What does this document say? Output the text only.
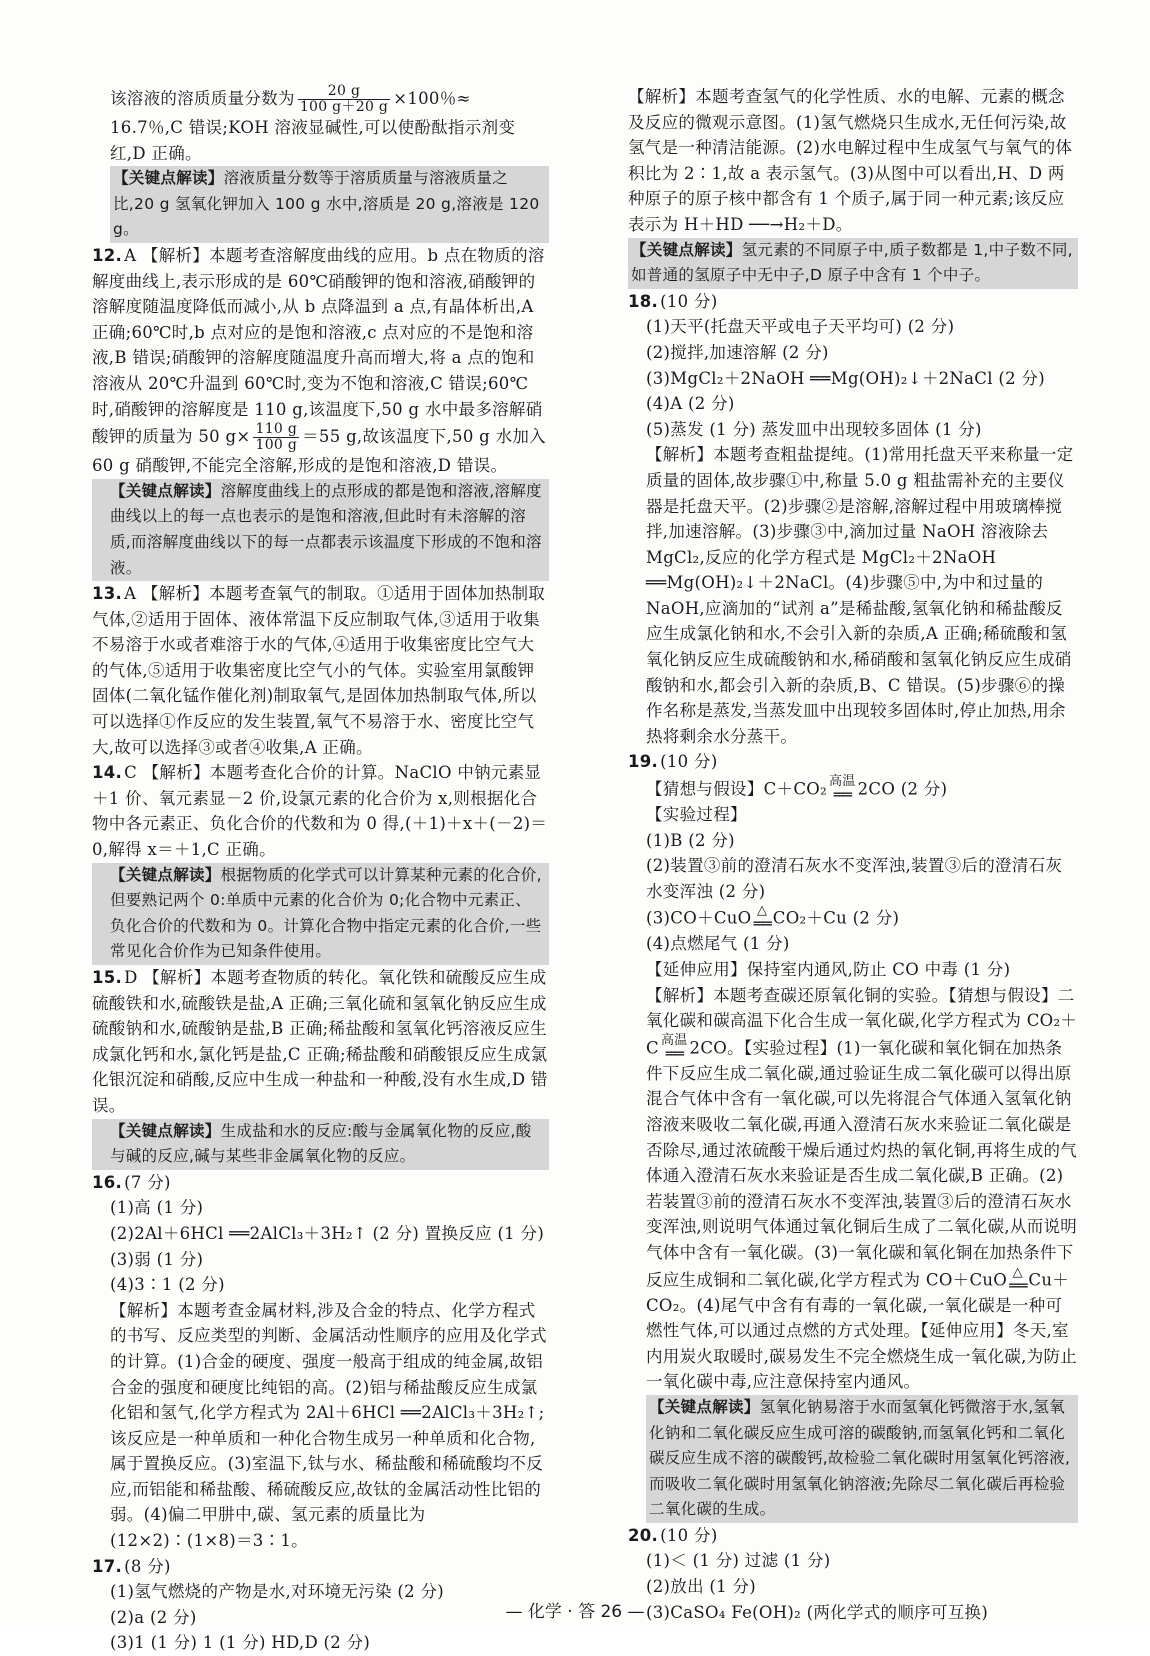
该溶液的溶质质量分数为 $\frac{20 g}{100 g+20 g} \times 100$％≈

16.7％,C 错误;KOH 溶液显碱性,可以使酚酞指示剂变红,D 正确。

【关键点解读】溶液质量分数等于溶质质量与溶液质量之比,20 g 氢氧化钾加入 100 g 水中,溶质是 20 g,溶液是 120 g。

12. A 【解析】本题考查溶解度曲线的应用。b 点在物质的溶解度曲线上,表示形成的是 60℃硝酸钾的饱和溶液,硝酸钾的溶解度随温度降低而减小,从 b 点降温到 a 点,有晶体析出,A 正确;60℃时,b 点对应的是饱和溶液,c 点对应的不是饱和溶液,B 错误;硝酸钾的溶解度随温度升高而增大,将 a 点的饱和溶液从 20℃升温到 60℃时,变为不饱和溶液,C 错误;60℃时,硝酸钾的溶解度是 110 g,该温度下,50 g 水中最多溶解硝酸钾的质量为 50 $g\times \frac{110 g}{100 g} =55$ g,故该温度下,50 g 水加入 60 g 硝酸钾,不能完全溶解,形成的是饱和溶液,D 错误。

【关键点解读】溶解度曲线上的点形成的都是饱和溶液,溶解度曲线以上的每一点也表示的是饱和溶液,但此时有未溶解的溶质,而溶解度曲线以下的每一点都表示该温度下形成的不饱和溶液。

13. A 【解析】本题考查氧气的制取。①适用于固体加热制取气体,②适用于固体、液体常温下反应制取气体,③适用于收集不易溶于水或者难溶于水的气体,④适用于收集密度比空气大的气体,⑤适用于收集密度比空气小的气体。实验室用氯酸钾固体(二氧化锰作催化剂)制取氧气,是固体加热制取气体,所以可以选择①作反应的发生装置,氧气不易溶于水、密度比空气大,故可以选择③或者④收集,A 正确。

14. C 【解析】本题考查化合价的计算。NaClO 中钠元素显＋1 价、氧元素显－2 价,设氯元素的化合价为 x,则根据化合物中各元素正、负化合价的代数和为 0 得,(＋1)＋x＋(－2)＝0,解得 x＝＋1,C 正确。

【关键点解读】根据物质的化学式可以计算某种元素的化合价,但要熟记两个 0:单质中元素的化合价为 0;化合物中元素正、负化合价的代数和为 0。计算化合物中指定元素的化合价,一些常见化合价作为已知条件使用。

15. D 【解析】本题考查物质的转化。氧化铁和硫酸反应生成硫酸铁和水,硫酸铁是盐,A 正确;三氧化硫和氢氧化钠反应生成硫酸钠和水,硫酸钠是盐,B 正确;稀盐酸和氢氧化钙溶液反应生成氯化钙和水,氯化钙是盐,C 正确;稀盐酸和硝酸银反应生成氯化银沉淀和硝酸,反应中生成一种盐和一种酸,没有水生成,D 错误。

【关键点解读】生成盐和水的反应:酸与金属氧化物的反应,酸与碱的反应,碱与某些非金属氧化物的反应。

16. (7 分)

(1)高 (1 分)

(2)2Al＋6HCl ══2AlCl₃＋3H₂↑ (2 分) 置换反应 (1 分)

(3)弱 (1 分)

(4)3∶1 (2 分)

【解析】本题考查金属材料,涉及合金的特点、化学方程式的书写、反应类型的判断、金属活动性顺序的应用及化学式的计算。(1)合金的硬度、强度一般高于组成的纯金属,故铝合金的强度和硬度比纯铝的高。(2)铝与稀盐酸反应生成氯化铝和氢气,化学方程式为 2Al＋6HCl ══2AlCl₃＋3H₂↑;该反应是一种单质和一种化合物生成另一种单质和化合物,属于置换反应。(3)室温下,钛与水、稀盐酸和稀硫酸均不反应,而铝能和稀盐酸、稀硫酸反应,故钛的金属活动性比铝的弱。(4)偏二甲肼中,碳、氢元素的质量比为(12×2)∶(1×8)＝3∶1。

17. (8 分)

(1)氢气燃烧的产物是水,对环境无污染 (2 分)

(2)a (2 分)

(3)1 (1 分) 1 (1 分) HD,D (2 分)

【解析】本题考查氢气的化学性质、水的电解、元素的概念及反应的微观示意图。(1)氢气燃烧只生成水,无任何污染,故氢气是一种清洁能源。(2)水电解过程中生成氢气与氧气的体积比为 2∶1,故 a 表示氢气。(3)从图中可以看出,H、D 两种原子的原子核中都含有 1 个质子,属于同一种元素;该反应表示为 H＋HD ──→H₂＋D。

【关键点解读】氢元素的不同原子中,质子数都是 1,中子数不同,如普通的氢原子中无中子,D 原子中含有 1 个中子。

18. (10 分)

(1)天平(托盘天平或电子天平均可) (2 分)

(2)搅拌,加速溶解 (2 分)

(3)MgCl₂＋2NaOH ══Mg(OH)₂↓＋2NaCl (2 分)

(4)A (2 分)

(5)蒸发 (1 分) 蒸发皿中出现较多固体 (1 分)

【解析】本题考查粗盐提纯。(1)常用托盘天平来称量一定质量的固体,故步骤①中,称量 5.0 g 粗盐需补充的主要仪器是托盘天平。(2)步骤②是溶解,溶解过程中用玻璃棒搅拌,加速溶解。(3)步骤③中,滴加过量 NaOH 溶液除去 MgCl₂,反应的化学方程式是 MgCl₂＋2NaOH ══Mg(OH)₂↓＋2NaCl。(4)步骤⑤中,为中和过量的 NaOH,应滴加的“试剂 a”是稀盐酸,氢氧化钠和稀盐酸反应生成氯化钠和水,不会引入新的杂质,A 正确;稀硫酸和氢氧化钠反应生成硫酸钠和水,稀硝酸和氢氧化钠反应生成硝酸钠和水,都会引入新的杂质,B、C 错误。(5)步骤⑥的操作名称是蒸发,当蒸发皿中出现较多固体时,停止加热,用余热将剩余水分蒸干。

19. (10 分)

【猜想与假设】C＋CO₂ 高温
══ 2CO (2 分)

【实验过程】

(1)B (2 分)

(2)装置③前的澄清石灰水不变浑浊,装置③后的澄清石灰水变浑浊 (2 分)

(3)CO＋CuO △
══ CO₂＋Cu (2 分)

(4)点燃尾气 (1 分)

【延伸应用】保持室内通风,防止 CO 中毒 (1 分)

【解析】本题考查碳还原氧化铜的实验。【猜想与假设】二氧化碳和碳高温下化合生成一氧化碳,化学方程式为 CO₂＋C 高温
══ 2CO。【实验过程】(1)一氧化碳和氧化铜在加热条件下反应生成二氧化碳,通过验证生成二氧化碳可以得出原混合气体中含有一氧化碳,可以先将混合气体通入氢氧化钠溶液来吸收二氧化碳,再通入澄清石灰水来验证二氧化碳是否除尽,通过浓硫酸干燥后通过灼热的氧化铜,再将生成的气体通入澄清石灰水来验证是否生成二氧化碳,B 正确。(2)若装置③前的澄清石灰水不变浑浊,装置③后的澄清石灰水变浑浊,则说明气体通过氧化铜后生成了二氧化碳,从而说明气体中含有一氧化碳。(3)一氧化碳和氧化铜在加热条件下反应生成铜和二氧化碳,化学方程式为 CO＋CuO △
══ Cu＋CO₂。(4)尾气中含有有毒的一氧化碳,一氧化碳是一种可燃性气体,可以通过点燃的方式处理。【延伸应用】冬天,室内用炭火取暖时,碳易发生不完全燃烧生成一氧化碳,为防止一氧化碳中毒,应注意保持室内通风。

【关键点解读】氢氧化钠易溶于水而氢氧化钙微溶于水,氢氧化钠和二氧化碳反应生成可溶的碳酸钠,而氢氧化钙和二氧化碳反应生成不溶的碳酸钙,故检验二氧化碳时用氢氧化钙溶液,而吸收二氧化碳时用氢氧化钠溶液;先除尽二氧化碳后再检验二氧化碳的生成。

20. (10 分)

(1)＜ (1 分) 过滤 (1 分)

(2)放出 (1 分)

(3)CaSO₄ Fe(OH)₂ (两化学式的顺序可互换)

— 化学 · 答 26 —
